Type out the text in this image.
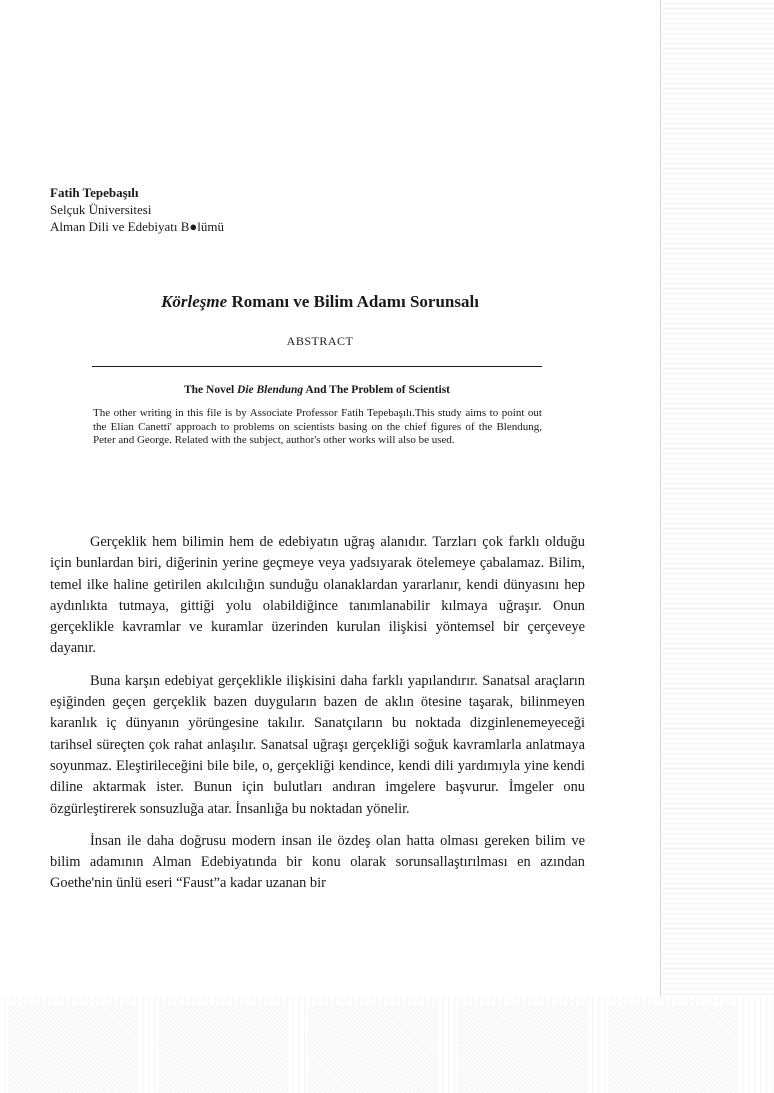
Fatih Tepebaşılı
Selçuk Üniversitesi
Alman Dili ve Edebiyatı B●lümü
Körleşme Romanı ve Bilim Adamı Sorunsalı
ABSTRACT
The Novel Die Blendung And The Problem of Scientist
The other writing in this file is by Associate Professor Fatih Tepebaşılı.This study aims to point out the Elian Canetti' approach to problems on scientists basing on the chief figures of the Blendung, Peter and George. Related with the subject, author's other works will also be used.

Gerçeklik hem bilimin hem de edebiyatın uğraş alanıdır. Tarzları çok farklı olduğu için bunlardan biri, diğerinin yerine geçmeye veya yadsıyarak ötelemeye çabalamaz. Bilim, temel ilke haline getirilen akılcılığın sunduğu olanaklardan yararlanır, kendi dünyasını hep aydınlıkta tutmaya, gittiği yolu olabildiğince tanımlanabilir kılmaya uğraşır. Onun gerçeklikle kavramlar ve kuramlar üzerinden kurulan ilişkisi yöntemsel bir çerçeveye dayanır.

Buna karşın edebiyat gerçeklikle ilişkisini daha farklı yapılandırır. Sanatsal araçların eşiğinden geçen gerçeklik bazen duyguların bazen de aklın ötesine taşarak, bilinmeyen karanlık iç dünyanın yörüngesine takılır. Sanatçıların bu noktada dizginlenemeyeceği tarihsel süreçten çok rahat anlaşılır. Sanatsal uğraşı gerçekliği soğuk kavramlarla anlatmaya soyunmaz. Eleştirileceğini bile bile, o, gerçekliği kendince, kendi dili yardımıyla yine kendi diline aktarmak ister. Bunun için bulutları andıran imgelere başvurur. İmgeler onu özgürleştirerek sonsuzluğa atar. İnsanlığa bu noktadan yönelir.

İnsan ile daha doğrusu modern insan ile özdeş olan hatta olması gereken bilim ve bilim adamının Alman Edebiyatında bir konu olarak sorunsallaştırılması en azından Goethe'nin ünlü eseri “Faust”a kadar uzanan bir
